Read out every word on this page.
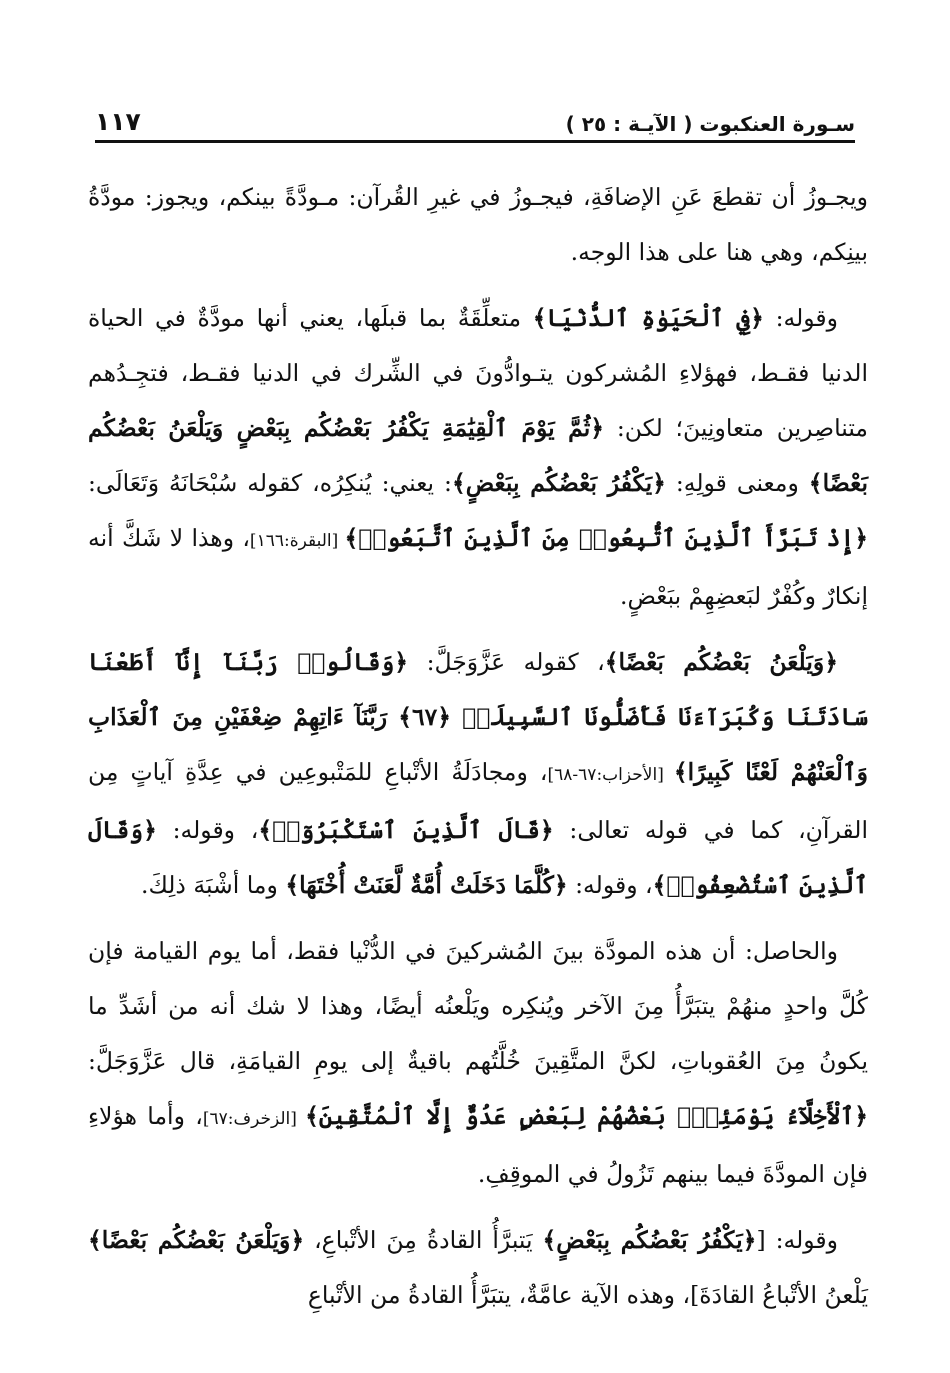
سـورة العنكبوت ( الآيـة : ٢٥ )
١١٧

ويجـوزُ أن تقطعَ عَنِ الإضافَةِ، فيجـوزُ في غيرِ القُرآن: مـودَّةً بينكم، ويجوز: مودَّةُ بينِكم، وهي هنا على هذا الوجه.

وقوله: ﴿فِي ٱلْحَيَوٰةِ ٱلدُّنْيَا﴾ متعلِّقَةٌ بما قبلَها، يعني أنها مودَّةٌ في الحياة الدنيا فقـط، فهؤلاءِ المُشركون يتـوادُّونَ في الشِّرك في الدنيا فقـط، فتجِـدُهم متناصِرين متعاونِينَ؛ لكن: ﴿ثُمَّ يَوْمَ ٱلْقِيَٰمَةِ يَكْفُرُ بَعْضُكُم بِبَعْضٍ وَيَلْعَنُ بَعْضُكُم بَعْضًا﴾ ومعنى قولِهِ: ﴿يَكْفُرُ بَعْضُكُم بِبَعْضٍ﴾: يعني: يُنكِرُه، كقوله سُبْحَانَهُ وَتَعَالَى: ﴿إِذْ تَبَرَّأَ ٱلَّذِينَ ٱتُّبِعُوا۟ مِنَ ٱلَّذِينَ ٱتَّبَعُوا۟﴾ [البقرة:١٦٦]، وهذا لا شَكَّ أنه إنكارٌ وكُفْرٌ لبَعضِهِمْ ببَعْضٍ.

﴿وَيَلْعَنُ بَعْضُكُم بَعْضًا﴾، كقوله عَزَّوَجَلَّ: ﴿وَقَالُوا۟ رَبَّنَآ إِنَّآ أَطَعْنَا سَادَتَنَا وَكُبَرَآءَنَا فَأَضَلُّونَا ٱلسَّبِيلَا۠ ﴿٦٧﴾ رَبَّنَآ ءَاتِهِمْ ضِعْفَيْنِ مِنَ ٱلْعَذَابِ وَٱلْعَنْهُمْ لَعْنًا كَبِيرًا﴾ [الأحزاب:٦٧-٦٨]، ومجادَلَةُ الأتْباعِ للمَتْبوعِين في عِدَّةِ آياتٍ مِن القرآنِ، كما في قوله تعالى: ﴿قَالَ ٱلَّذِينَ ٱسْتَكْبَرُوٓا۟﴾، وقوله: ﴿وَقَالَ ٱلَّذِينَ ٱسْتُضْعِفُوا۟﴾، وقوله: ﴿كُلَّمَا دَخَلَتْ أُمَّةٌ لَّعَنَتْ أُخْتَهَا﴾ وما أشْبَهَ ذلِكَ.

والحاصل: أن هذه المودَّة بينَ المُشركينَ في الدُّنْيا فقط، أما يوم القيامة فإن كُلَّ واحدٍ منهُمْ يتبَرَّأُ مِنَ الآخر ويُنكِره ويَلْعنُه أيضًا، وهذا لا شك أنه من أشَدِّ ما يكونُ مِنَ العُقوباتِ، لكنَّ المتَّقِينَ خُلَّتُهم باقيةٌ إلى يومِ القيامَةِ، قال عَزَّوَجَلَّ: ﴿ٱلْأَخِلَّآءُ يَوْمَئِذٍۭ بَعْضُهُمْ لِبَعْضٍ عَدُوٌّ إِلَّا ٱلْمُتَّقِينَ﴾ [الزخرف:٦٧]، وأما هؤلاءِ فإن المودَّةَ فيما بينهم تَزُولُ في الموقِفِ.

وقوله: [﴿يَكْفُرُ بَعْضُكُم بِبَعْضٍ﴾ يَتبرَّأُ القادةُ مِنَ الأتْباعِ، ﴿وَيَلْعَنُ بَعْضُكُم بَعْضًا﴾ يَلْعنُ الأتْباعُ القادَةَ]، وهذه الآية عامَّةٌ، يتبَرَّأُ القادةُ من الأتْباعِ
